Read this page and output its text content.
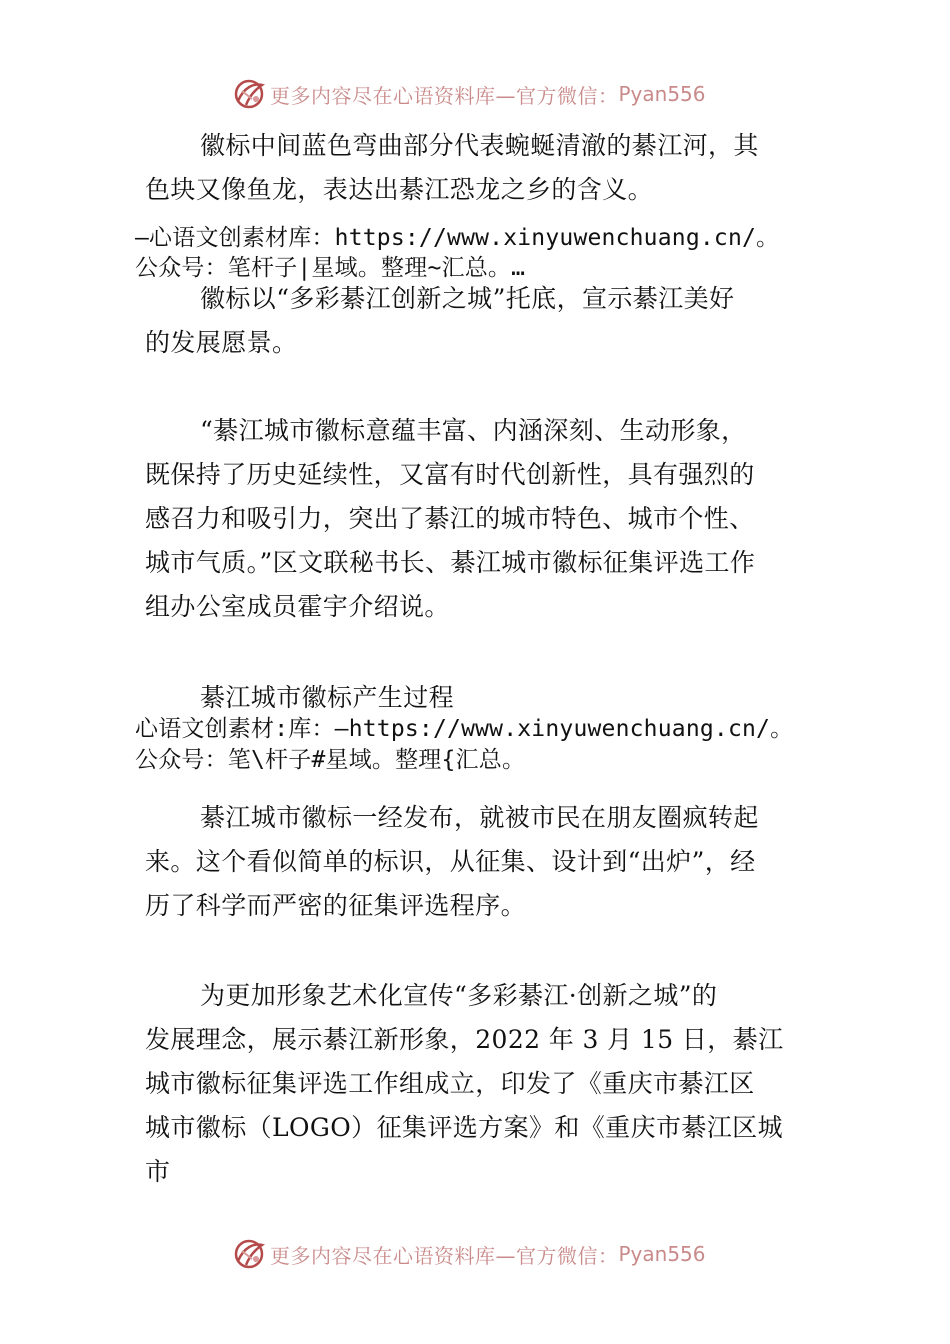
更多内容尽在心语资料库—官方微信： Pyan556
徽标中间蓝色弯曲部分代表蜿蜒清澈的綦江河，其
色块又像鱼龙，表达出綦江恐龙之乡的含义。
—心语文创素材库：https://www.xinyuwenchuang.cn/。
公众号：笔杆子|星域。整理~汇总。…
徽标以“多彩綦江创新之城”托底，宣示綦江美好
的发展愿景。
“綦江城市徽标意蕴丰富、内涵深刻、生动形象，
既保持了历史延续性，又富有时代创新性，具有强烈的
感召力和吸引力，突出了綦江的城市特色、城市个性、
城市气质。”区文联秘书长、綦江城市徽标征集评选工作
组办公室成员霍宇介绍说。
綦江城市徽标产生过程
心语文创素材:库：—https://www.xinyuwenchuang.cn/。
公众号：笔\杆子#星域。整理{汇总。
綦江城市徽标一经发布，就被市民在朋友圈疯转起
来。这个看似简单的标识，从征集、设计到“出炉”，经
历了科学而严密的征集评选程序。
为更加形象艺术化宣传“多彩綦江·创新之城”的
发展理念，展示綦江新形象，2022 年 3 月 15 日，綦江
城市徽标征集评选工作组成立，印发了《重庆市綦江区
城市徽标（LOGO）征集评选方案》和《重庆市綦江区城
市
更多内容尽在心语资料库—官方微信： Pyan556
